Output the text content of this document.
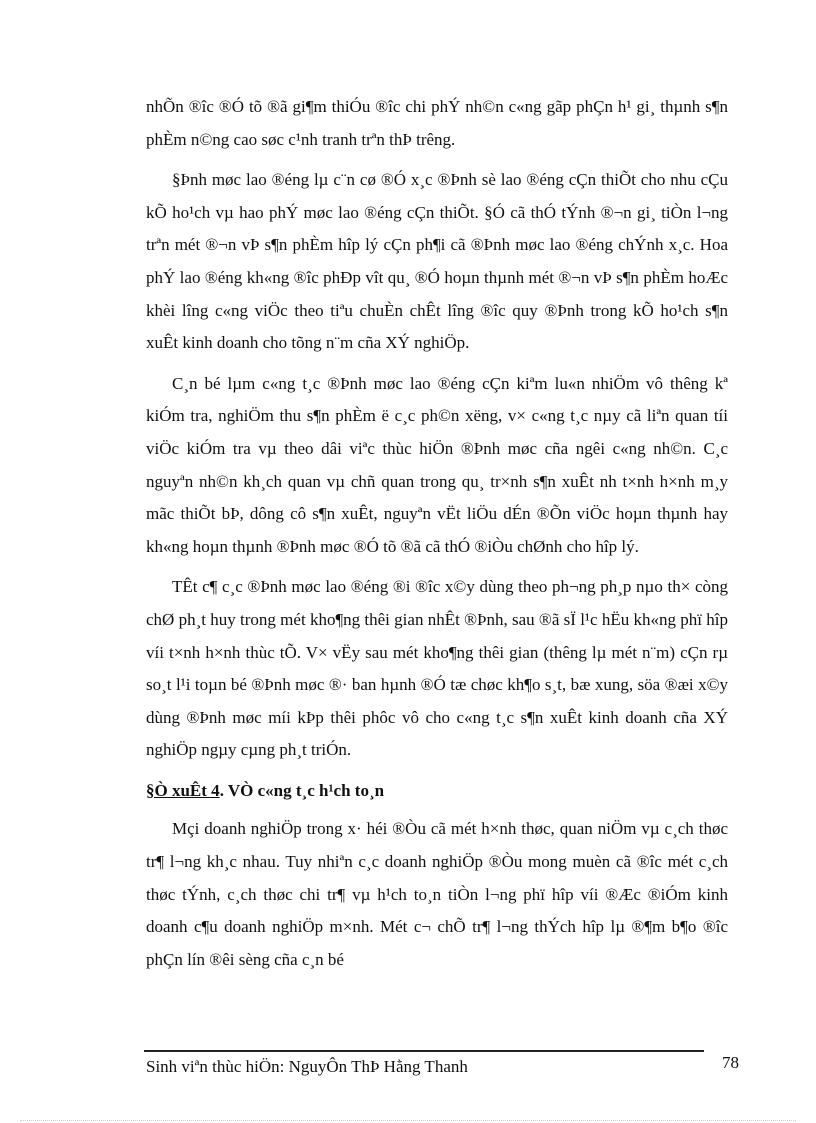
nhÕn ®îc ®Ó tõ ®ã gi¶m thiÓu ®îc chi phÝ nh©n c«ng gãp phÇn h¹ gi¸ thµnh s¶n phÈm n©ng cao søc c¹nh tranh trªn thÞ trêng.

§Þnh møc lao ®éng lµ c¨n cø ®Ó x¸c ®Þnh sè lao ®éng cÇn thiÕt cho nhu cÇu kÕ ho¹ch vµ hao phÝ møc lao ®éng cÇn thiÕt. §Ó cã thÓ tÝnh ®¬n gi¸ tiÒn l¬ng trªn mét ®¬n vÞ s¶n phÈm hîp lý cÇn ph¶i cã ®Þnh møc lao ®éng chÝnh x¸c. Hoa phÝ lao ®éng kh«ng ®îc phÐp vît qu¸ ®Ó hoµn thµnh mét ®¬n vÞ s¶n phÈm hoÆc khèi lîng c«ng viÖc theo tiªu chuÈn chÊt lîng ®îc quy ®Þnh trong kÕ ho¹ch s¶n xuÊt kinh doanh cho tõng n¨m cña XÝ nghiÖp.

C¸n bé lµm c«ng t¸c ®Þnh møc lao ®éng cÇn kiªm lu«n nhiÖm vô thêng kª kiÓm tra, nghiÖm thu s¶n phÈm ë c¸c ph©n xëng, v× c«ng t¸c nµy cã liªn quan tíi viÖc kiÓm tra vµ theo dâi viªc thùc hiÖn ®Þnh møc cña ngêi c«ng nh©n. C¸c nguyªn nh©n kh¸ch quan vµ chñ quan trong qu¸ tr×nh s¶n xuÊt nh t×nh h×nh m¸y mãc thiÕt bÞ, dông cô s¶n xuÊt, nguyªn vËt liÖu dÉn ®Õn viÖc hoµn thµnh hay kh«ng hoµn thµnh ®Þnh møc ®Ó tõ ®ã cã thÓ ®iÒu chØnh cho hîp lý.

TÊt c¶ c¸c ®Þnh møc lao ®éng ®i ®îc x©y dùng theo ph¬ng ph¸p nµo th× còng chØ ph¸t huy trong mét kho¶ng thêi gian nhÊt ®Þnh, sau ®ã sÏ l¹c hËu kh«ng phï hîp víi t×nh h×nh thùc tÕ. V× vËy sau mét kho¶ng thêi gian (thêng lµ mét n¨m) cÇn rµ so¸t l¹i toµn bé ®Þnh møc ®· ban hµnh ®Ó tæ chøc kh¶o s¸t, bæ xung, söa ®æi x©y dùng ®Þnh møc míi kÞp thêi phôc vô cho c«ng t¸c s¶n xuÊt kinh doanh cña XÝ nghiÖp ngµy cµng ph¸t triÓn.

§Ò xuÊt 4. VÒ c«ng t¸c h¹ch to¸n

Mçi doanh nghiÖp trong x· héi ®Òu cã mét h×nh thøc, quan niÖm vµ c¸ch thøc tr¶ l¬ng kh¸c nhau. Tuy nhiªn c¸c doanh nghiÖp ®Òu mong muèn cã ®îc mét c¸ch thøc tÝnh, c¸ch thøc chi tr¶ vµ h¹ch to¸n tiÒn l¬ng phï hîp víi ®Æc ®iÓm kinh doanh c¶u doanh nghiÖp m×nh. Mét c¬ chÕ tr¶ l¬ng thÝch hîp lµ ®¶m b¶o ®îc phÇn lín ®êi sèng cña c¸n bé

Sinh viªn thùc hiÖn: NguyÔn ThÞ Hằng Thanh	78
